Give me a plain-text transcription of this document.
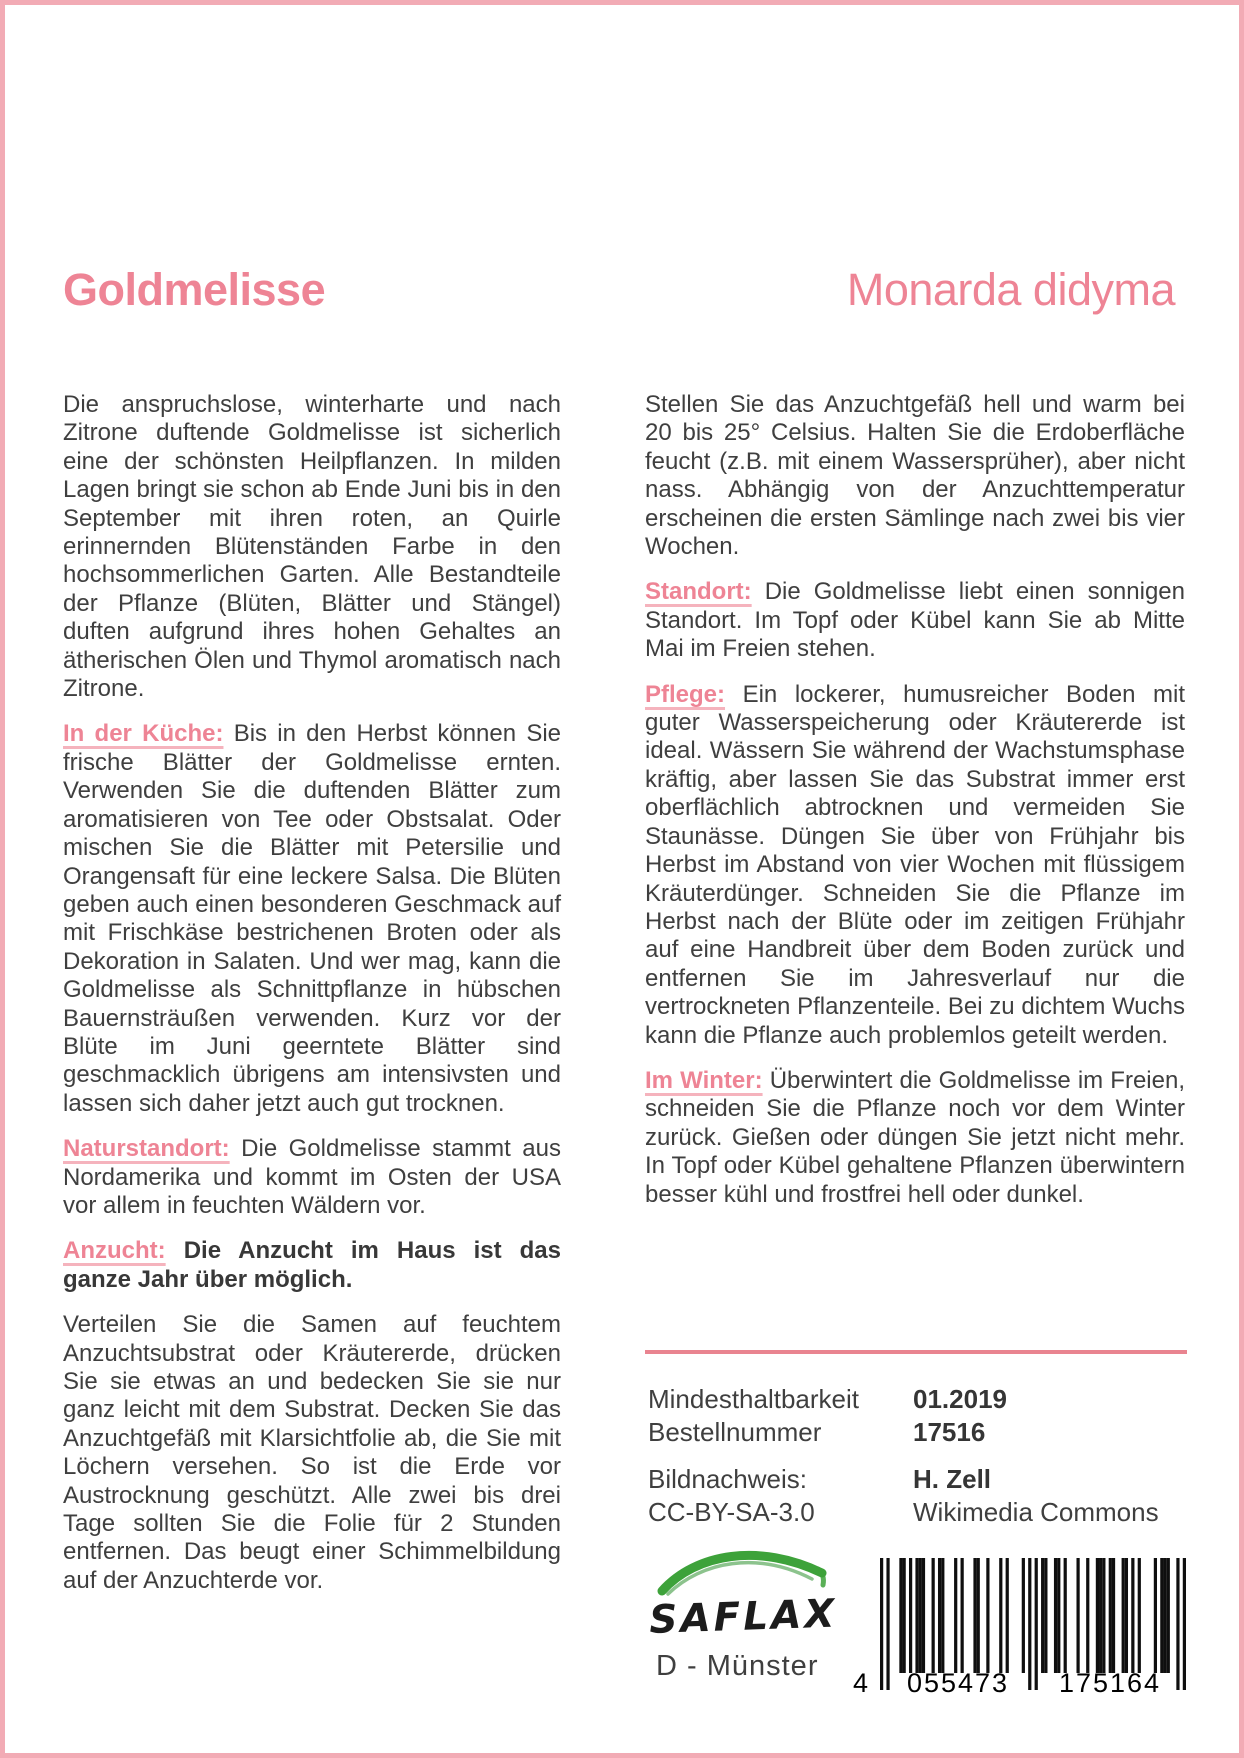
Goldmelisse	Monarda didyma

Die anspruchslose, winterharte und nach Zitrone duftende Goldmelisse ist sicherlich eine der schönsten Heilpflanzen. In milden Lagen bringt sie schon ab Ende Juni bis in den September mit ihren roten, an Quirle erinnernden Blütenständen Farbe in den hochsommerlichen Garten. Alle Bestandteile der Pflanze (Blüten, Blätter und Stängel) duften aufgrund ihres hohen Gehaltes an ätherischen Ölen und Thymol aromatisch nach Zitrone.

In der Küche: Bis in den Herbst können Sie frische Blätter der Goldmelisse ernten. Verwenden Sie die duftenden Blätter zum aromatisieren von Tee oder Obstsalat. Oder mischen Sie die Blätter mit Petersilie und Orangensaft für eine leckere Salsa. Die Blüten geben auch einen besonderen Geschmack auf mit Frischkäse bestrichenen Broten oder als Dekoration in Salaten. Und wer mag, kann die Goldmelisse als Schnittpflanze in hübschen Bauernsträußen verwenden. Kurz vor der Blüte im Juni geerntete Blätter sind geschmacklich übrigens am intensivsten und lassen sich daher jetzt auch gut trocknen.

Naturstandort: Die Goldmelisse stammt aus Nordamerika und kommt im Osten der USA vor allem in feuchten Wäldern vor.

Anzucht: Die Anzucht im Haus ist das ganze Jahr über möglich.

Verteilen Sie die Samen auf feuchtem Anzuchtsubstrat oder Kräutererde, drücken Sie sie etwas an und bedecken Sie sie nur ganz leicht mit dem Substrat. Decken Sie das Anzuchtgefäß mit Klarsichtfolie ab, die Sie mit Löchern versehen. So ist die Erde vor Austrocknung geschützt. Alle zwei bis drei Tage sollten Sie die Folie für 2 Stunden entfernen. Das beugt einer Schimmelbildung auf der Anzuchterde vor.

Stellen Sie das Anzuchtgefäß hell und warm bei 20 bis 25° Celsius. Halten Sie die Erdoberfläche feucht (z.B. mit einem Wassersprüher), aber nicht nass. Abhängig von der Anzuchttemperatur erscheinen die ersten Sämlinge nach zwei bis vier Wochen.

Standort: Die Goldmelisse liebt einen sonnigen Standort. Im Topf oder Kübel kann Sie ab Mitte Mai im Freien stehen.

Pflege: Ein lockerer, humusreicher Boden mit guter Wasserspeicherung oder Kräutererde ist ideal. Wässern Sie während der Wachstumsphase kräftig, aber lassen Sie das Substrat immer erst oberflächlich abtrocknen und vermeiden Sie Staunässe. Düngen Sie über von Frühjahr bis Herbst im Abstand von vier Wochen mit flüssigem Kräuterdünger. Schneiden Sie die Pflanze im Herbst nach der Blüte oder im zeitigen Frühjahr auf eine Handbreit über dem Boden zurück und entfernen Sie im Jahresverlauf nur die vertrockneten Pflanzenteile. Bei zu dichtem Wuchs kann die Pflanze auch problemlos geteilt werden.

Im Winter: Überwintert die Goldmelisse im Freien, schneiden Sie die Pflanze noch vor dem Winter zurück. Gießen oder düngen Sie jetzt nicht mehr. In Topf oder Kübel gehaltene Pflanzen überwintern besser kühl und frostfrei hell oder dunkel.

Mindesthaltbarkeit	01.2019
Bestellnummer	17516
Bildnachweis:	H. Zell
CC-BY-SA-3.0	Wikimedia Commons
SAFLAX
D - Münster
4	055473	175164
